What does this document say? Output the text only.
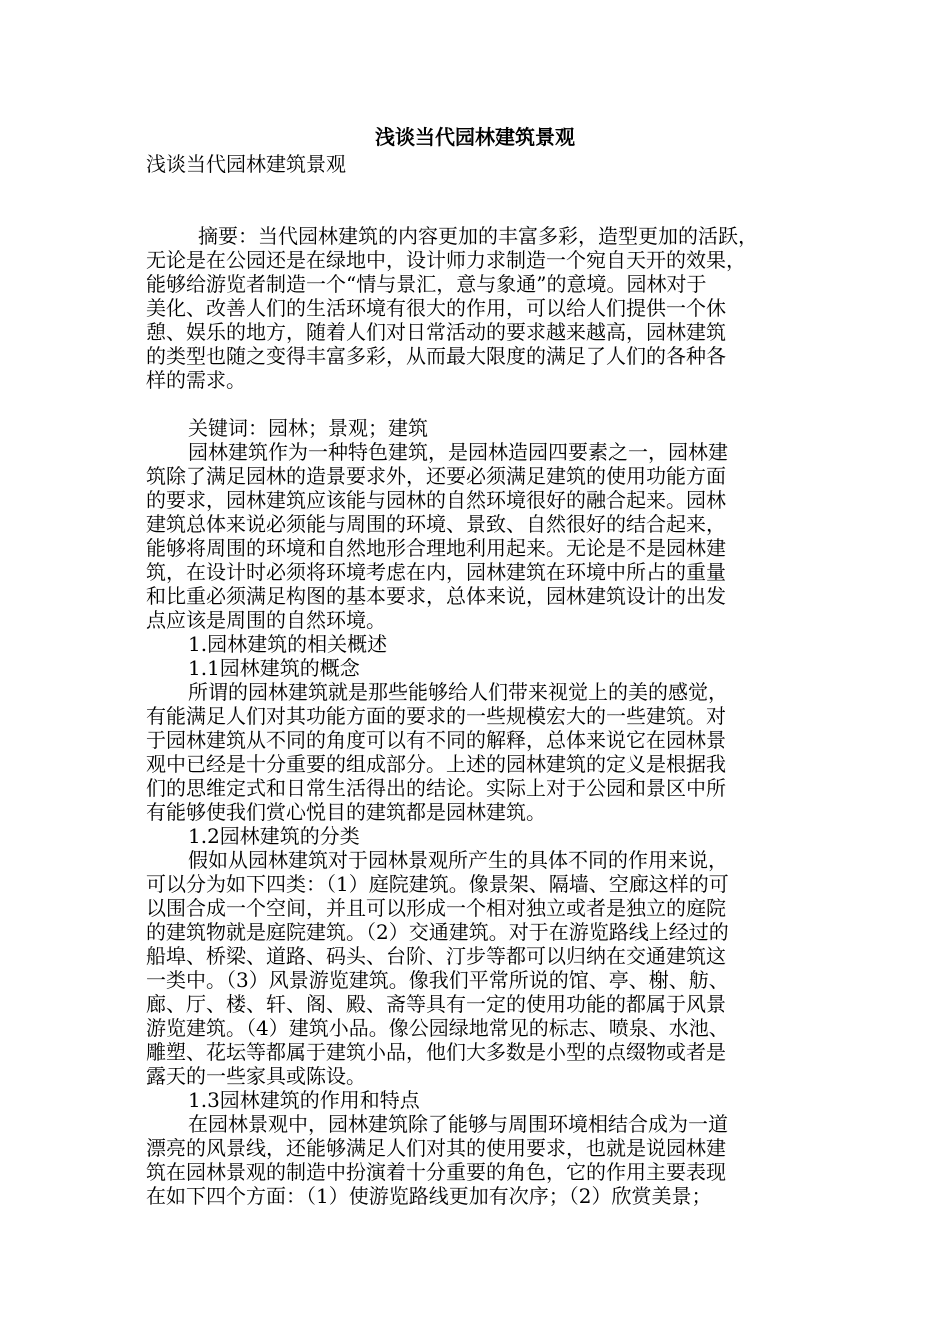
浅谈当代园林建筑景观
浅谈当代园林建筑景观
摘要：当代园林建筑的内容更加的丰富多彩，造型更加的活跃，
无论是在公园还是在绿地中，设计师力求制造一个宛自天开的效果，
能够给游览者制造一个“情与景汇，意与象通”的意境。园林对于
美化、改善人们的生活环境有很大的作用，可以给人们提供一个休
憩、娱乐的地方，随着人们对日常活动的要求越来越高，园林建筑
的类型也随之变得丰富多彩，从而最大限度的满足了人们的各种各
样的需求。
关键词：园林；景观；建筑
园林建筑作为一种特色建筑，是园林造园四要素之一，园林建
筑除了满足园林的造景要求外，还要必须满足建筑的使用功能方面
的要求，园林建筑应该能与园林的自然环境很好的融合起来。园林
建筑总体来说必须能与周围的环境、景致、自然很好的结合起来，
能够将周围的环境和自然地形合理地利用起来。无论是不是园林建
筑，在设计时必须将环境考虑在内，园林建筑在环境中所占的重量
和比重必须满足构图的基本要求，总体来说，园林建筑设计的出发
点应该是周围的自然环境。
1.园林建筑的相关概述
1.1园林建筑的概念
所谓的园林建筑就是那些能够给人们带来视觉上的美的感觉，
有能满足人们对其功能方面的要求的一些规模宏大的一些建筑。对
于园林建筑从不同的角度可以有不同的解释，总体来说它在园林景
观中已经是十分重要的组成部分。上述的园林建筑的定义是根据我
们的思维定式和日常生活得出的结论。实际上对于公园和景区中所
有能够使我们赏心悦目的建筑都是园林建筑。
1.2园林建筑的分类
假如从园林建筑对于园林景观所产生的具体不同的作用来说，
可以分为如下四类：（1）庭院建筑。像景架、隔墙、空廊这样的可
以围合成一个空间，并且可以形成一个相对独立或者是独立的庭院
的建筑物就是庭院建筑。（2）交通建筑。对于在游览路线上经过的
船埠、桥梁、道路、码头、台阶、汀步等都可以归纳在交通建筑这
一类中。（3）风景游览建筑。像我们平常所说的馆、亭、榭、舫、
廊、厅、楼、轩、阁、殿、斋等具有一定的使用功能的都属于风景
游览建筑。（4）建筑小品。像公园绿地常见的标志、喷泉、水池、
雕塑、花坛等都属于建筑小品，他们大多数是小型的点缀物或者是
露天的一些家具或陈设。
1.3园林建筑的作用和特点
在园林景观中，园林建筑除了能够与周围环境相结合成为一道
漂亮的风景线，还能够满足人们对其的使用要求，也就是说园林建
筑在园林景观的制造中扮演着十分重要的角色，它的作用主要表现
在如下四个方面：（1）使游览路线更加有次序；（2）欣赏美景；
